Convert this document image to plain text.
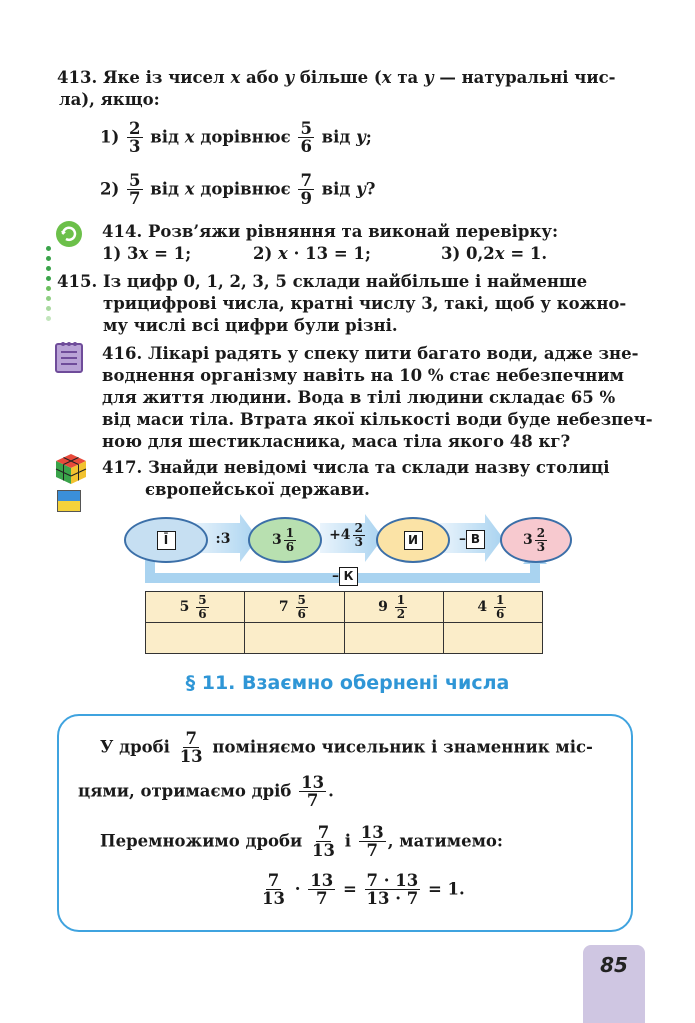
413. Яке із чисел x або y більше (x та y — натуральні чис-
ла), якщо:
$1) \frac{2}{3}$ від x дорівнює $\frac{5}{6}$ від y;
$2) \frac{5}{7}$ від x дорівнює $\frac{7}{9}$ від y?
414. Розв’яжи рівняння та виконай перевірку:
1) 3x = 1;	2) x · 13 = 1;	3) 0,2x = 1.
415. Із цифр 0, 1, 2, 3, 5 склади найбільше і найменше
трицифрові числа, кратні числу 3, такі, щоб у кожно-
му числі всі цифри були різні.
416. Лікарі радять у спеку пити багато води, адже зне-
воднення організму навіть на 10 % стає небезпечним
для життя людини. Вода в тілі людини складає 65 %
від маси тіла. Втрата якої кількості води буде небезпеч-
ною для шестикласника, маса тіла якого 48 кг?
417. Знайди невідомі числа та склади назву столиці
європейської держави.
Ī	:3	$3 \frac{1}{6} +4 \frac{2}{3}$	И	– В	$3 \frac{2}{3}$
– К
$5 \frac{5}{6}$	$7 \frac{5}{6}$	$9 \frac{1}{2}$	$4 \frac{1}{6}$

§ 11. Взаємно обернені числа
У дробі $\frac{7}{13}$ поміняємо чисельник і знаменник міс-
цями, отримаємо дріб $\frac{13}{7}$ .
Перемножимо дроби $\frac{7}{13}$ і $\frac{13}{7}$ , матимемо:
$\frac{7}{13} \cdot \frac{13}{7} = \frac{7 \cdot 13}{13 \cdot 7} = 1$.
85
